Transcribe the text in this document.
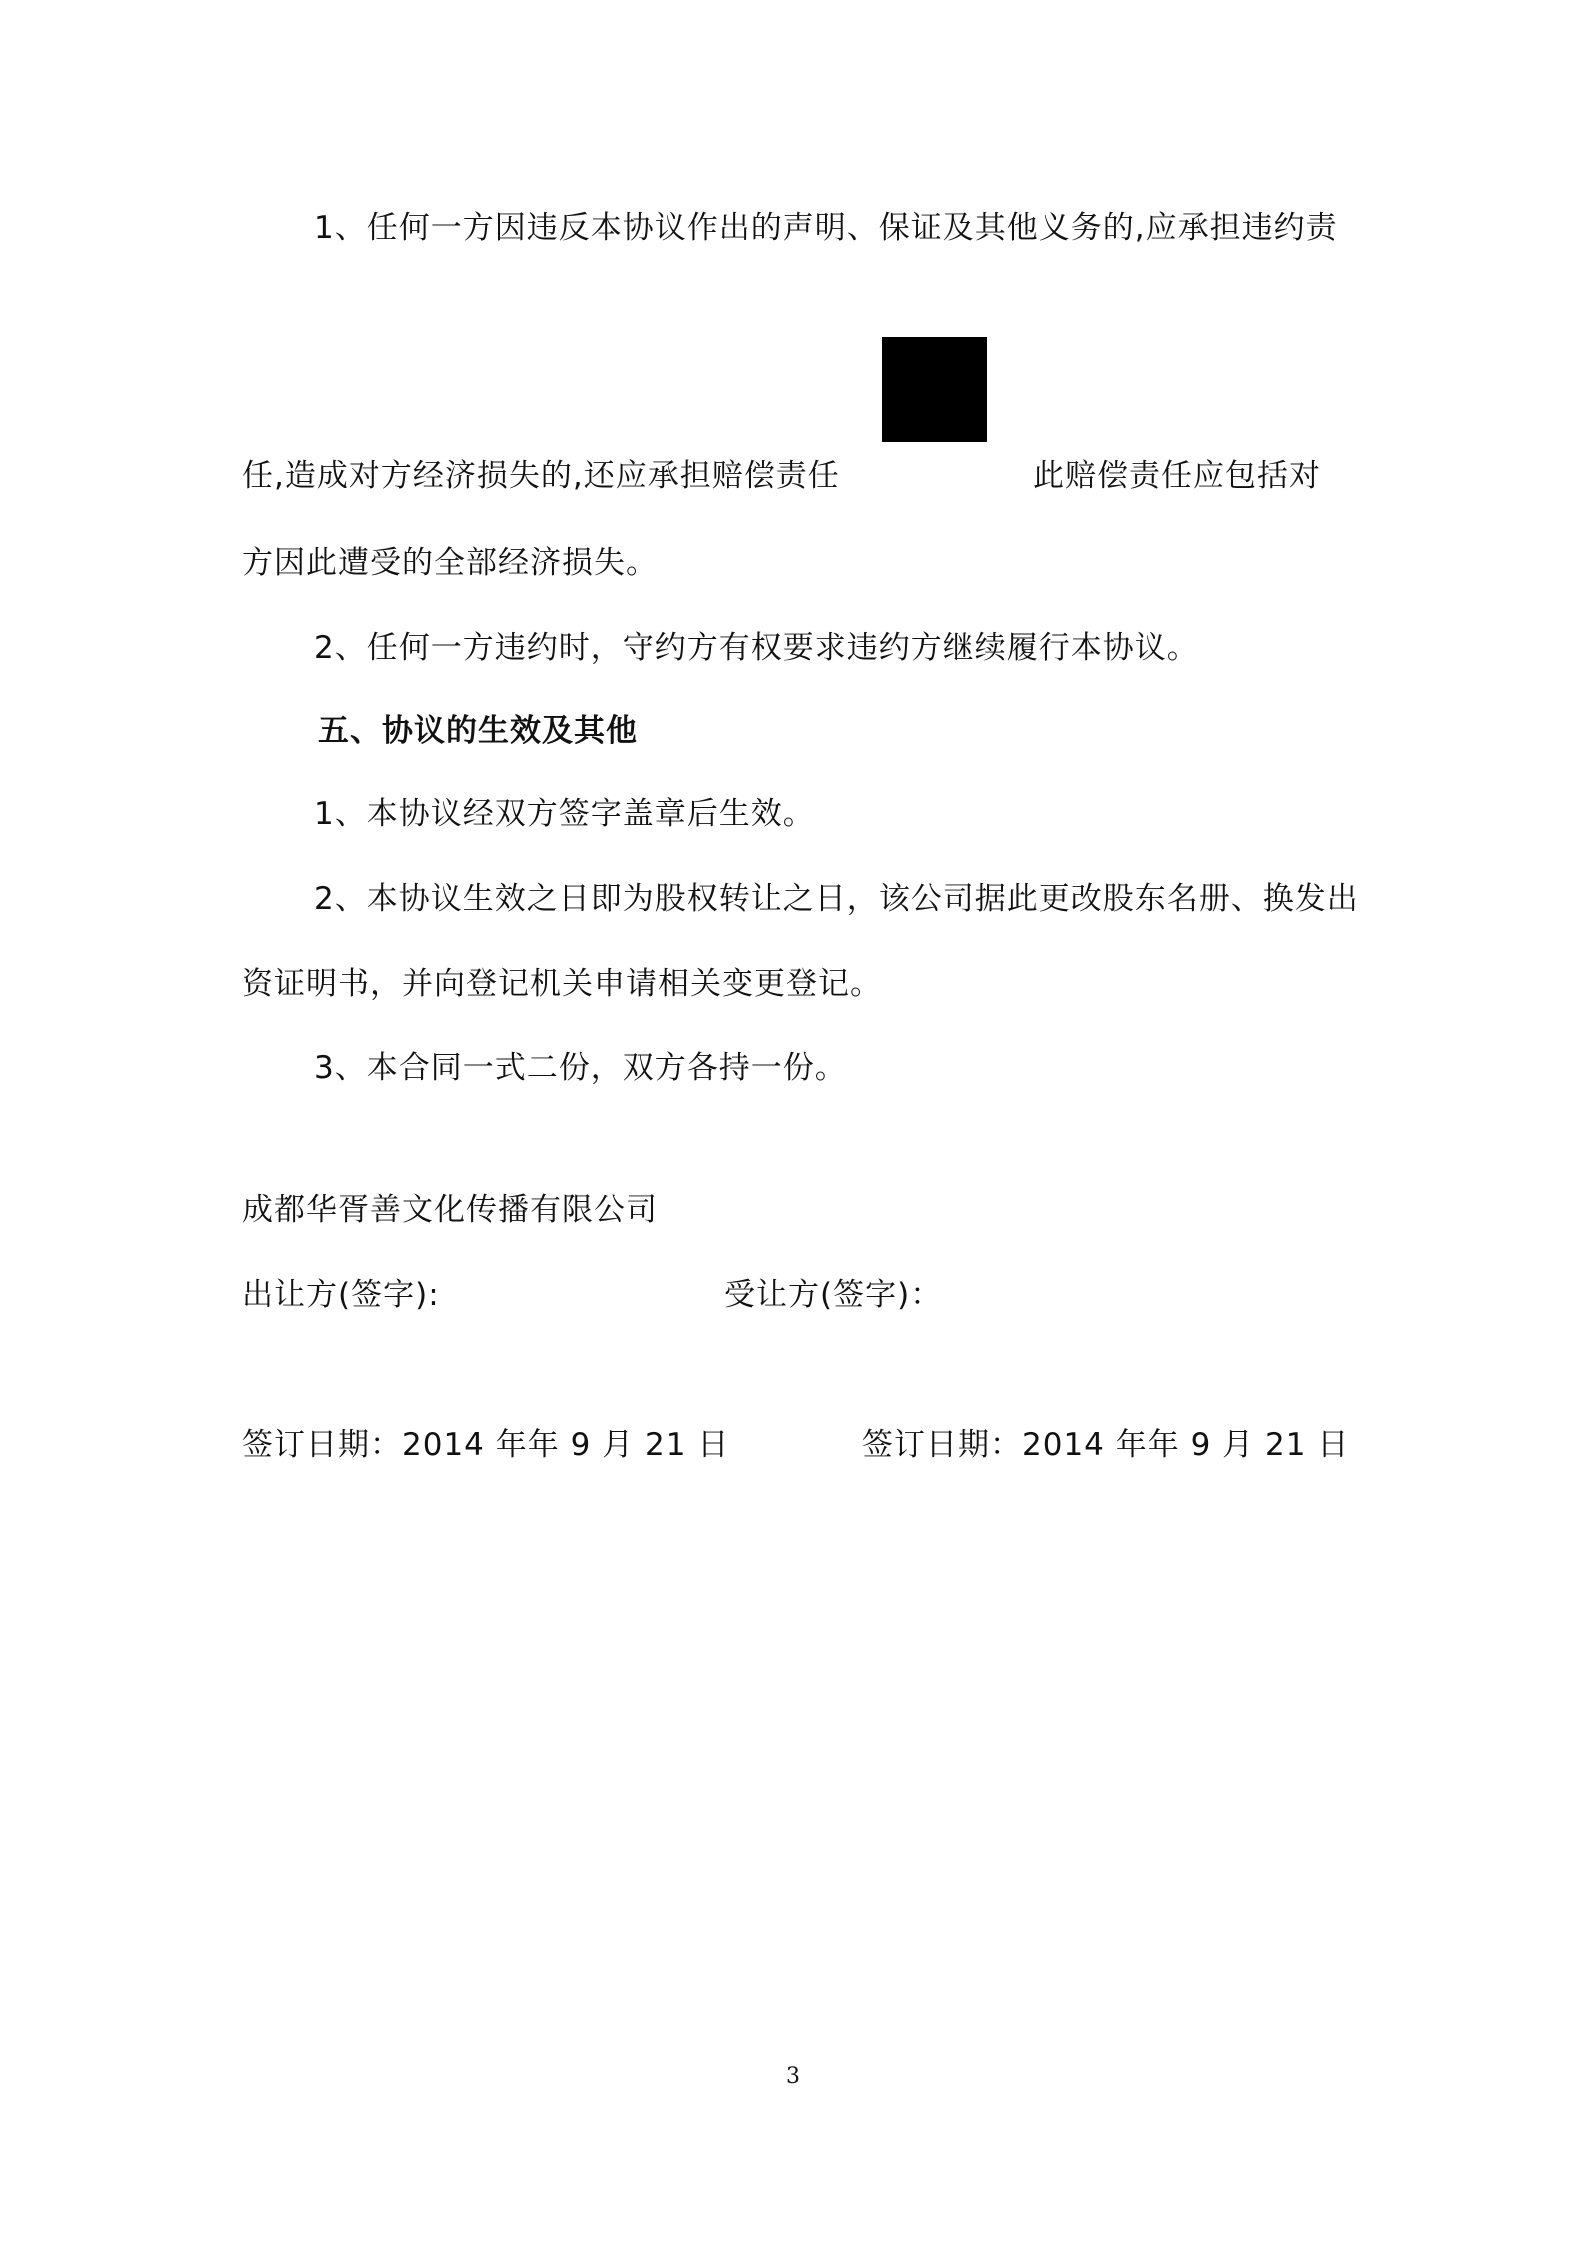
1、任何一方因违反本协议作出的声明、保证及其他义务的,应承担违约责

任,造成对方经济损失的,还应承担赔偿责任	此赔偿责任应包括对

方因此遭受的全部经济损失。

2、任何一方违约时，守约方有权要求违约方继续履行本协议。

五、协议的生效及其他

1、本协议经双方签字盖章后生效。

2、本协议生效之日即为股权转让之日，该公司据此更改股东名册、换发出

资证明书，并向登记机关申请相关变更登记。

3、本合同一式二份，双方各持一份。

成都华胥善文化传播有限公司

出让方(签字):	受让方(签字)：

签订日期：2014 年年 9 月 21 日	签订日期：2014 年年 9 月 21 日

3
